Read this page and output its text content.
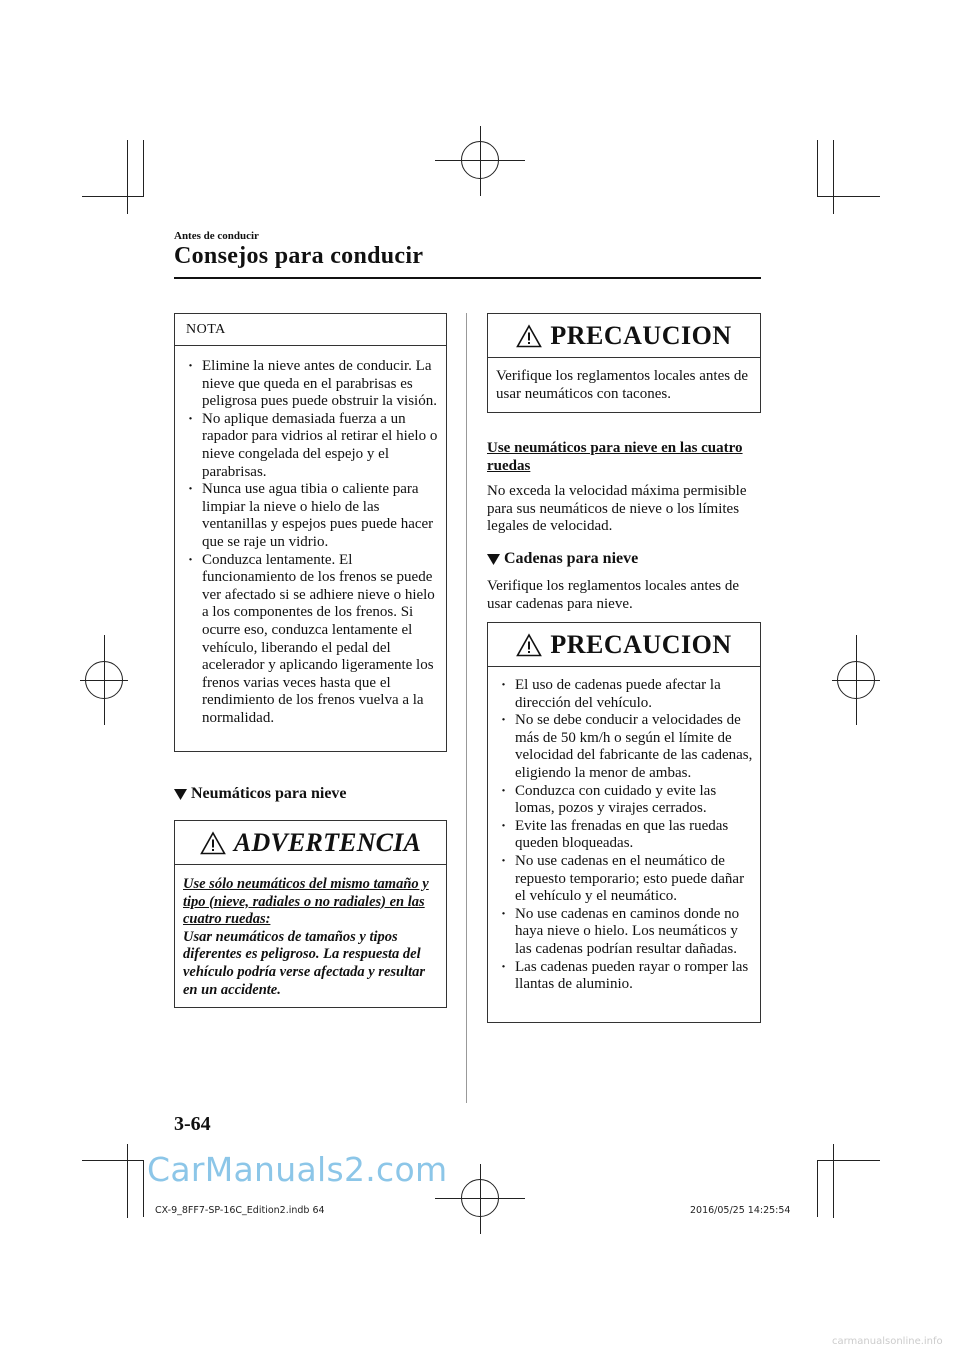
Antes de conducir
Consejos para conducir
NOTA
· Elimine la nieve antes de conducir. La nieve que queda en el parabrisas es peligrosa pues puede obstruir la visión.
· No aplique demasiada fuerza a un rapador para vidrios al retirar el hielo o nieve congelada del espejo y el parabrisas.
· Nunca use agua tibia o caliente para limpiar la nieve o hielo de las ventanillas y espejos pues puede hacer que se raje un vidrio.
· Conduzca lentamente. El funcionamiento de los frenos se puede ver afectado si se adhiere nieve o hielo a los componentes de los frenos. Si ocurre eso, conduzca lentamente el vehículo, liberando el pedal del acelerador y aplicando ligeramente los frenos varias veces hasta que el rendimiento de los frenos vuelva a la normalidad.
Neumáticos para nieve
ADVERTENCIA
Use sólo neumáticos del mismo tamaño y tipo (nieve, radiales o no radiales) en las cuatro ruedas:
Usar neumáticos de tamaños y tipos diferentes es peligroso. La respuesta del vehículo podría verse afectada y resultar en un accidente.
PRECAUCION
Verifique los reglamentos locales antes de usar neumáticos con tacones.
Use neumáticos para nieve en las cuatro ruedas
No exceda la velocidad máxima permisible para sus neumáticos de nieve o los límites legales de velocidad.
Cadenas para nieve
Verifique los reglamentos locales antes de usar cadenas para nieve.
PRECAUCION
· El uso de cadenas puede afectar la dirección del vehículo.
· No se debe conducir a velocidades de más de 50 km/h o según el límite de velocidad del fabricante de las cadenas, eligiendo la menor de ambas.
· Conduzca con cuidado y evite las lomas, pozos y virajes cerrados.
· Evite las frenadas en que las ruedas queden bloqueadas.
· No use cadenas en el neumático de repuesto temporario; esto puede dañar el vehículo y el neumático.
· No use cadenas en caminos donde no haya nieve o hielo. Los neumáticos y las cadenas podrían resultar dañadas.
· Las cadenas pueden rayar o romper las llantas de aluminio.
3-64
CarManuals2.com
CX-9_8FF7-SP-16C_Edition2.indb 64	2016/05/25 14:25:54
carmanualsonline.info
